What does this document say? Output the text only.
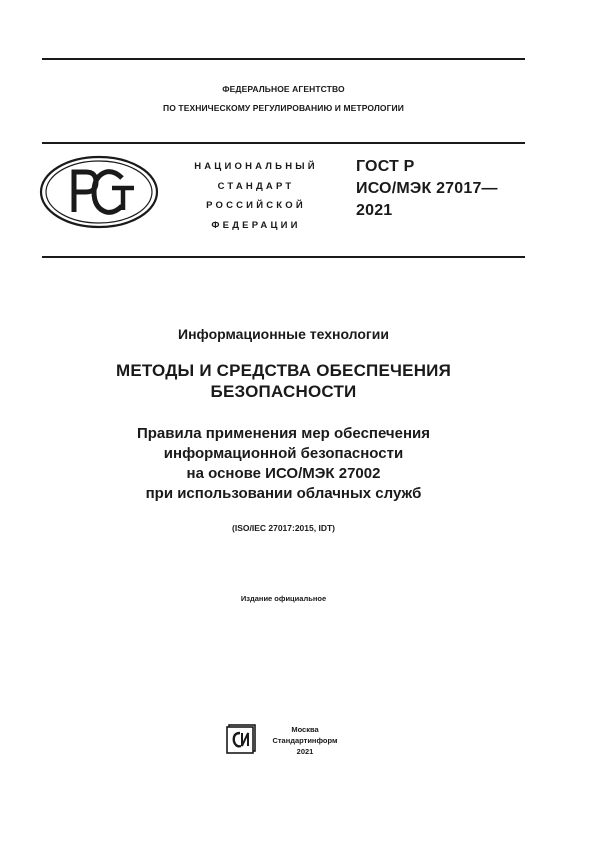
ФЕДЕРАЛЬНОЕ АГЕНТСТВО
ПО ТЕХНИЧЕСКОМУ РЕГУЛИРОВАНИЮ И МЕТРОЛОГИИ
НАЦИОНАЛЬНЫЙ
СТАНДАРТ
РОССИЙСКОЙ
ФЕДЕРАЦИИ
ГОСТ Р
ИСО/МЭК 27017—
2021
Информационные технологии
МЕТОДЫ И СРЕДСТВА ОБЕСПЕЧЕНИЯ
БЕЗОПАСНОСТИ
Правила применения мер обеспечения
информационной безопасности
на основе ИСО/МЭК 27002
при использовании облачных служб
(ISO/IEC 27017:2015, IDT)
Издание официальное
Москва
Стандартинформ
2021
